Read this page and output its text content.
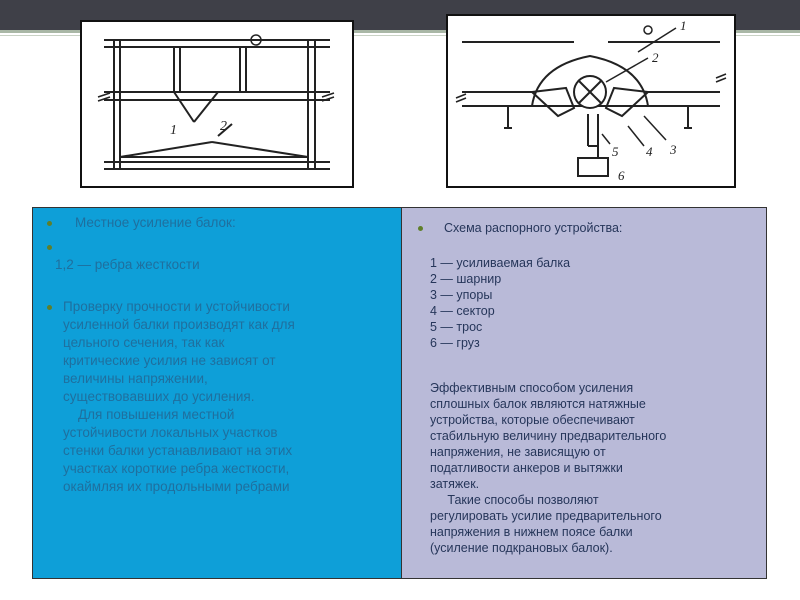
1	2
1
2
3
4
5
6
Местное усиление балок:
1,2 — ребра жесткости
Проверку прочности и устойчивости
усиленной балки производят как для
цельного сечения, так как
критические усилия не зависят от
величины напряжении,
существовавших до усиления.
Для повышения местной
устойчивости локальных участков
стенки балки устанавливают на этих
участках короткие ребра жесткости,
окаймляя их продольными ребрами
Схема распорного устройства:
1 — усиливаемая балка
2 — шарнир
3 — упоры
4 — сектор
5 — трос
6 — груз
Эффективным способом усиления
сплошных балок являются натяжные
устройства, которые обеспечивают
стабильную величину предварительного
напряжения, не зависящую от
податливости анкеров и вытяжки
затяжек.
Такие способы позволяют
регулировать усилие предварительного
напряжения в нижнем поясе балки
(усиление подкрановых балок).
